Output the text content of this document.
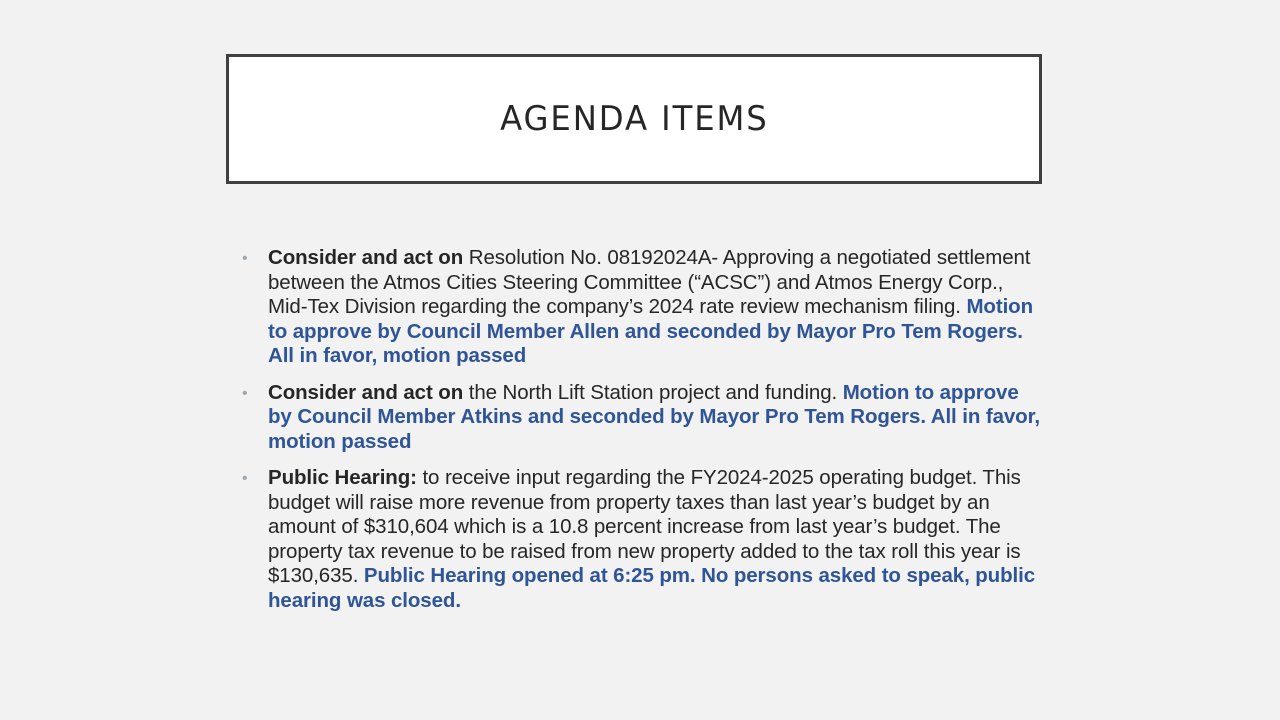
AGENDA ITEMS
• Consider and act on Resolution No. 08192024A- Approving a negotiated settlement between the Atmos Cities Steering Committee (“ACSC”) and Atmos Energy Corp., Mid-Tex Division regarding the company’s 2024 rate review mechanism filing. Motion to approve by Council Member Allen and seconded by Mayor Pro Tem Rogers. All in favor, motion passed
• Consider and act on the North Lift Station project and funding. Motion to approve by Council Member Atkins and seconded by Mayor Pro Tem Rogers. All in favor, motion passed
• Public Hearing: to receive input regarding the FY2024-2025 operating budget. This budget will raise more revenue from property taxes than last year’s budget by an amount of $310,604 which is a 10.8 percent increase from last year’s budget. The property tax revenue to be raised from new property added to the tax roll this year is $130,635. Public Hearing opened at 6:25 pm. No persons asked to speak, public hearing was closed.
